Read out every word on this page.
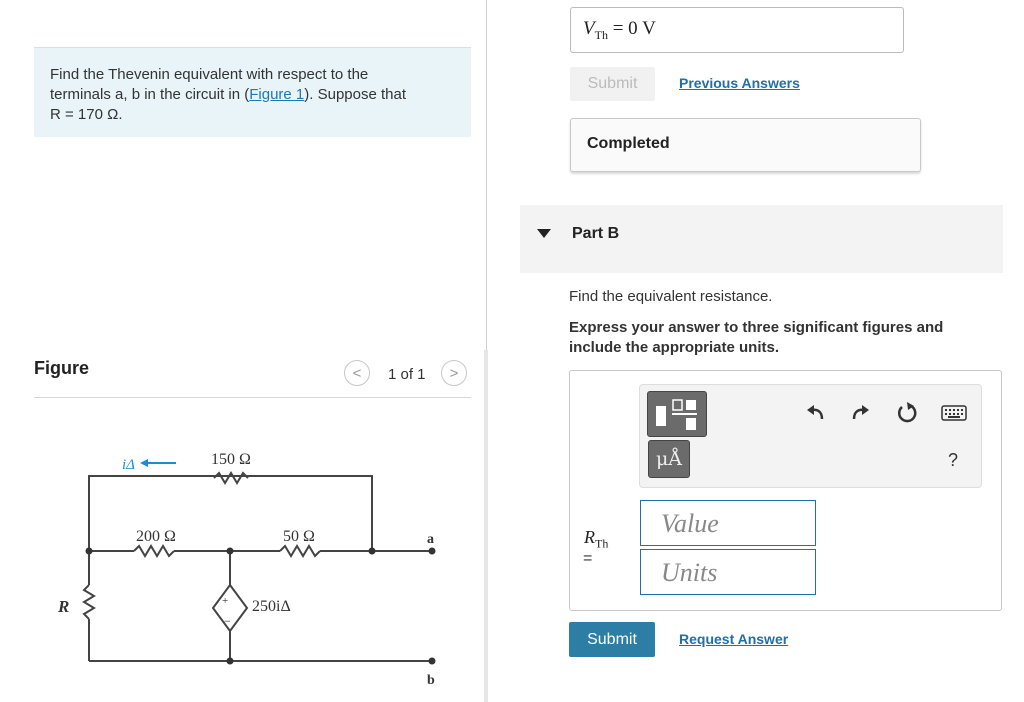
Find the Thevenin equivalent with respect to the
terminals a, b in the circuit in (Figure 1). Suppose that
R = 170 Ω.
Figure	< 1 of 1 >
+
−
150 Ω
200 Ω	50 Ω
iΔ
250iΔ
R
a
b
$V_{Th} = 0$ V
Submit	Previous Answers
Completed
Part B
Find the equivalent resistance.
Express your answer to three significant figures and include the appropriate units.
μÅ	?
$R_{Th}$
=
Value
Units
Submit	Request Answer
